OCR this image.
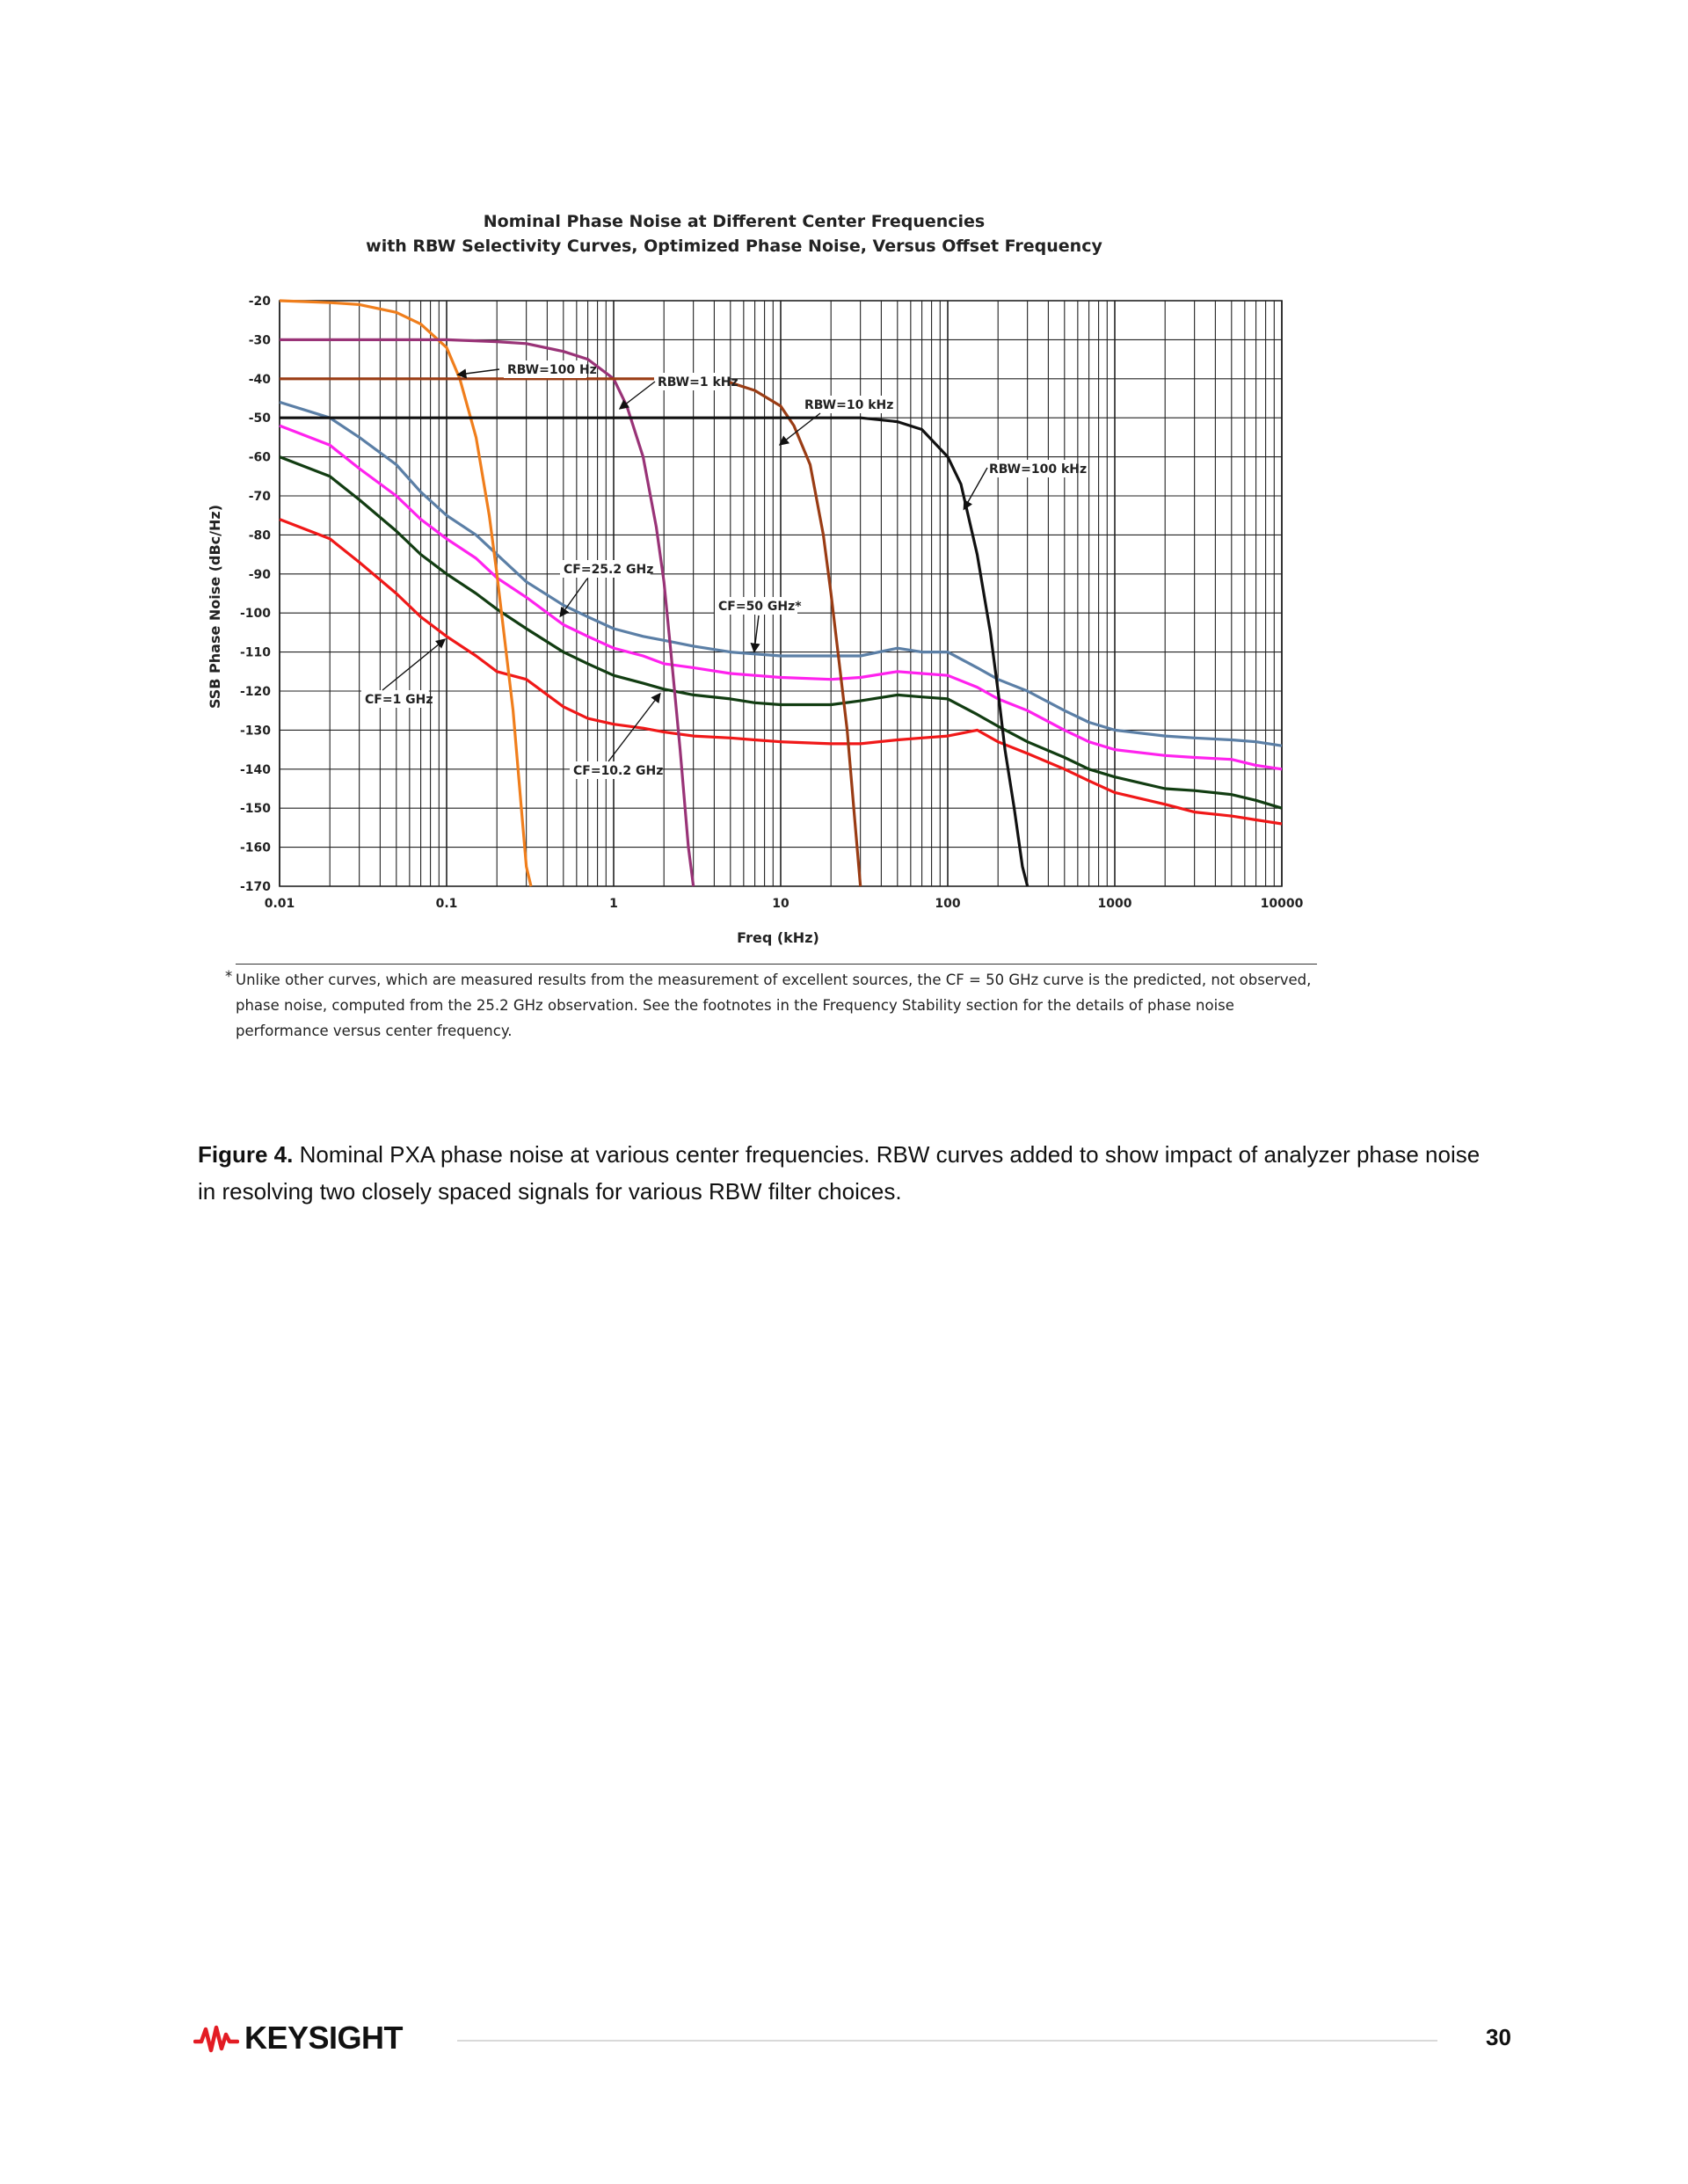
Nominal Phase Noise at Different Center Frequencies
with RBW Selectivity Curves, Optimized Phase Noise, Versus Offset Frequency
0.01	0.1	1	10	100	1000	10000
-20
-30
-40
-50
-60
-70
-80
-90
-100
-110
-120
-130
-140
-150
-160
-170
RBW=100 Hz
RBW=1 kHz
RBW=10 kHz
RBW=100 kHz
CF=25.2 GHz
CF=50 GHz*
CF=1 GHz
CF=10.2 GHz
Freq (kHz)
SSB Phase Noise (dBc/Hz)
* Unlike other curves, which are measured results from the measurement of excellent sources, the CF = 50 GHz curve is the predicted, not observed, phase noise, computed from the 25.2 GHz observation. See the footnotes in the Frequency Stability section for the details of phase noise performance versus center frequency.
Figure 4. Nominal PXA phase noise at various center frequencies. RBW curves added to show impact of analyzer phase noise in resolving two closely spaced signals for various RBW filter choices.
KEYSIGHT	30
